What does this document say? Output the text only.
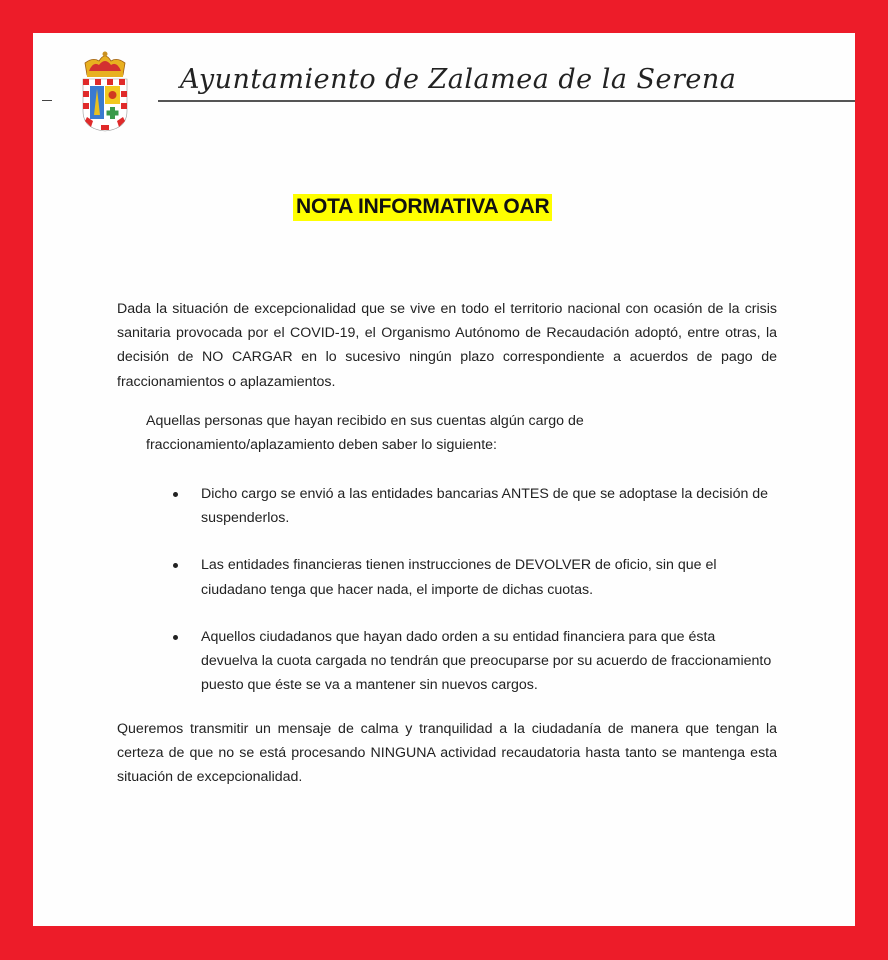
Ayuntamiento de Zalamea de la Serena
NOTA INFORMATIVA OAR

Dada la situación de excepcionalidad que se vive en todo el territorio nacional con ocasión de la crisis sanitaria provocada por el COVID-19, el Organismo Autónomo de Recaudación adoptó, entre otras, la decisión de NO CARGAR en lo sucesivo ningún plazo correspondiente a acuerdos de pago de fraccionamientos o aplazamientos.

Aquellas personas que hayan recibido en sus cuentas algún cargo de fraccionamiento/aplazamiento deben saber lo siguiente:

Dicho cargo se envió a las entidades bancarias ANTES de que se adoptase la decisión de suspenderlos.
Las entidades financieras tienen instrucciones de DEVOLVER de oficio, sin que el ciudadano tenga que hacer nada, el importe de dichas cuotas.
Aquellos ciudadanos que hayan dado orden a su entidad financiera para que ésta devuelva la cuota cargada no tendrán que preocuparse por su acuerdo de fraccionamiento puesto que éste se va a mantener sin nuevos cargos.

Queremos transmitir un mensaje de calma y tranquilidad a la ciudadanía de manera que tengan la certeza de que no se está procesando NINGUNA actividad recaudatoria hasta tanto se mantenga esta situación de excepcionalidad.
